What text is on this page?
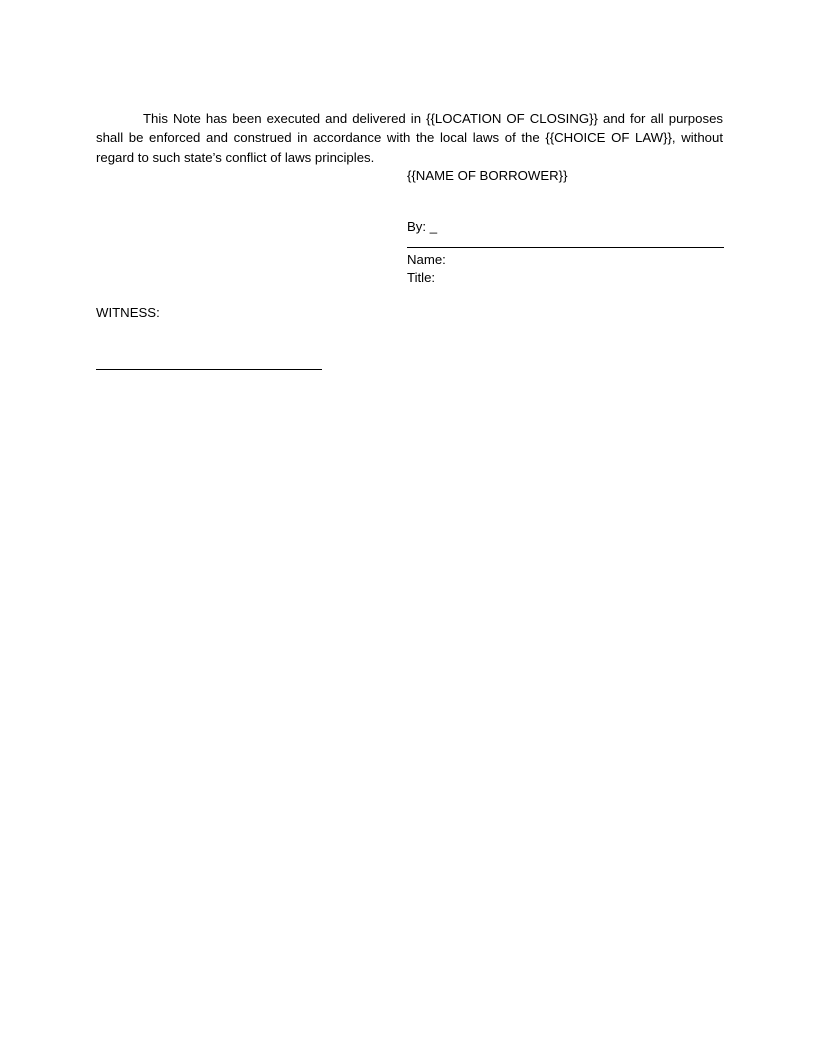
This Note has been executed and delivered in {{LOCATION OF CLOSING}} and for all purposes shall be enforced and construed in accordance with the local laws of the {{CHOICE OF LAW}}, without regard to such state’s conflict of laws principles.

{{NAME OF BORROWER}}
By: _
Name:
Title:
WITNESS:
